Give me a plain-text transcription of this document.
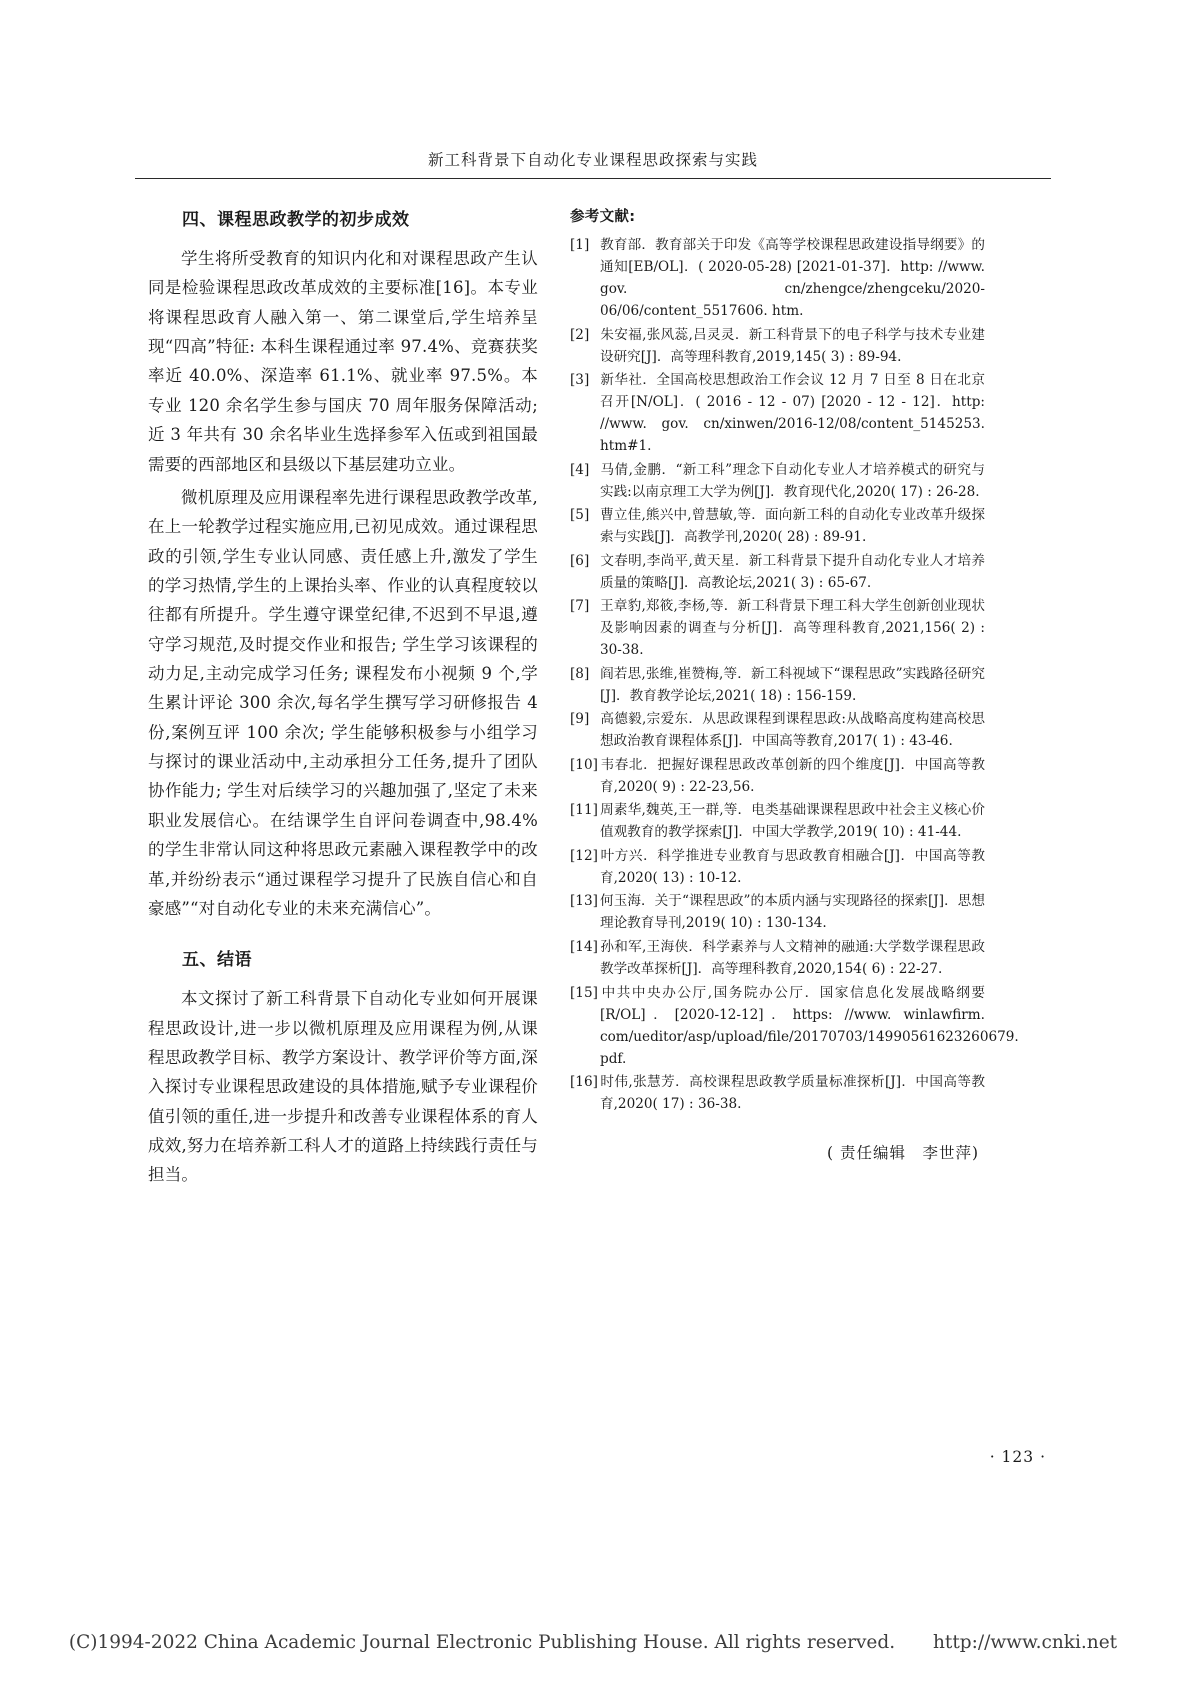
新工科背景下自动化专业课程思政探索与实践
四、课程思政教学的初步成效

学生将所受教育的知识内化和对课程思政产生认同是检验课程思政改革成效的主要标准[16]。本专业将课程思政育人融入第一、第二课堂后,学生培养呈现“四高”特征: 本科生课程通过率 97.4%、竞赛获奖率近 40.0%、深造率 61.1%、就业率 97.5%。本专业 120 余名学生参与国庆 70 周年服务保障活动; 近 3 年共有 30 余名毕业生选择参军入伍或到祖国最需要的西部地区和县级以下基层建功立业。

微机原理及应用课程率先进行课程思政教学改革,在上一轮教学过程实施应用,已初见成效。通过课程思政的引领,学生专业认同感、责任感上升,激发了学生的学习热情,学生的上课抬头率、作业的认真程度较以往都有所提升。学生遵守课堂纪律,不迟到不早退,遵守学习规范,及时提交作业和报告; 学生学习该课程的动力足,主动完成学习任务; 课程发布小视频 9 个,学生累计评论 300 余次,每名学生撰写学习研修报告 4 份,案例互评 100 余次; 学生能够积极参与小组学习与探讨的课业活动中,主动承担分工任务,提升了团队协作能力; 学生对后续学习的兴趣加强了,坚定了未来职业发展信心。在结课学生自评问卷调查中,98.4%的学生非常认同这种将思政元素融入课程教学中的改革,并纷纷表示“通过课程学习提升了民族自信心和自豪感”“对自动化专业的未来充满信心”。

五、结语

本文探讨了新工科背景下自动化专业如何开展课程思政设计,进一步以微机原理及应用课程为例,从课程思政教学目标、教学方案设计、教学评价等方面,深入探讨专业课程思政建设的具体措施,赋予专业课程价值引领的重任,进一步提升和改善专业课程体系的育人成效,努力在培养新工科人才的道路上持续践行责任与担当。

参考文献:
[1] 教育部．教育部关于印发《高等学校课程思政建设指导纲要》的通知[EB/OL]．( 2020-05-28) [2021-01-37]．http: //www. gov. cn/zhengce/zhengceku/2020-06/06/content_5517606. htm.
[2] 朱安福,张风蕊,吕灵灵．新工科背景下的电子科学与技术专业建设研究[J]．高等理科教育,2019,145( 3) : 89-94.
[3] 新华社．全国高校思想政治工作会议 12 月 7 日至 8 日在北京召开[N/OL]．( 2016 - 12 - 07) [2020 - 12 - 12]．http: //www. gov. cn/xinwen/2016-12/08/content_5145253. htm#1.
[4] 马倩,金鹏．“新工科”理念下自动化专业人才培养模式的研究与实践:以南京理工大学为例[J]．教育现代化,2020( 17) : 26-28.
[5] 曹立佳,熊兴中,曾慧敏,等．面向新工科的自动化专业改革升级探索与实践[J]．高教学刊,2020( 28) : 89-91.
[6] 文春明,李尚平,黄天星．新工科背景下提升自动化专业人才培养质量的策略[J]．高教论坛,2021( 3) : 65-67.
[7] 王章豹,郑筱,李杨,等．新工科背景下理工科大学生创新创业现状及影响因素的调查与分析[J]．高等理科教育,2021,156( 2) : 30-38.
[8] 阎若思,张维,崔赞梅,等．新工科视域下“课程思政”实践路径研究[J]．教育教学论坛,2021( 18) : 156-159.
[9] 高德毅,宗爱东．从思政课程到课程思政:从战略高度构建高校思想政治教育课程体系[J]．中国高等教育,2017( 1) : 43-46.
[10] 韦春北．把握好课程思政改革创新的四个维度[J]．中国高等教育,2020( 9) : 22-23,56.
[11] 周素华,魏英,王一群,等．电类基础课课程思政中社会主义核心价值观教育的教学探索[J]．中国大学教学,2019( 10) : 41-44.
[12] 叶方兴．科学推进专业教育与思政教育相融合[J]．中国高等教育,2020( 13) : 10-12.
[13] 何玉海．关于“课程思政”的本质内涵与实现路径的探索[J]．思想理论教育导刊,2019( 10) : 130-134.
[14] 孙和军,王海侠．科学素养与人文精神的融通:大学数学课程思政教学改革探析[J]．高等理科教育,2020,154( 6) : 22-27.
[15] 中共中央办公厅,国务院办公厅．国家信息化发展战略纲要[R/OL]．[2020-12-12]．https: //www. winlawfirm. com/ueditor/asp/upload/file/20170703/14990561623260679. pdf.
[16] 时伟,张慧芳．高校课程思政教学质量标准探析[J]．中国高等教育,2020( 17) : 36-38.
( 责任编辑　李世萍)
· 123 ·
(C)1994-2022 China Academic Journal Electronic Publishing House. All rights reserved. http://www.cnki.net
